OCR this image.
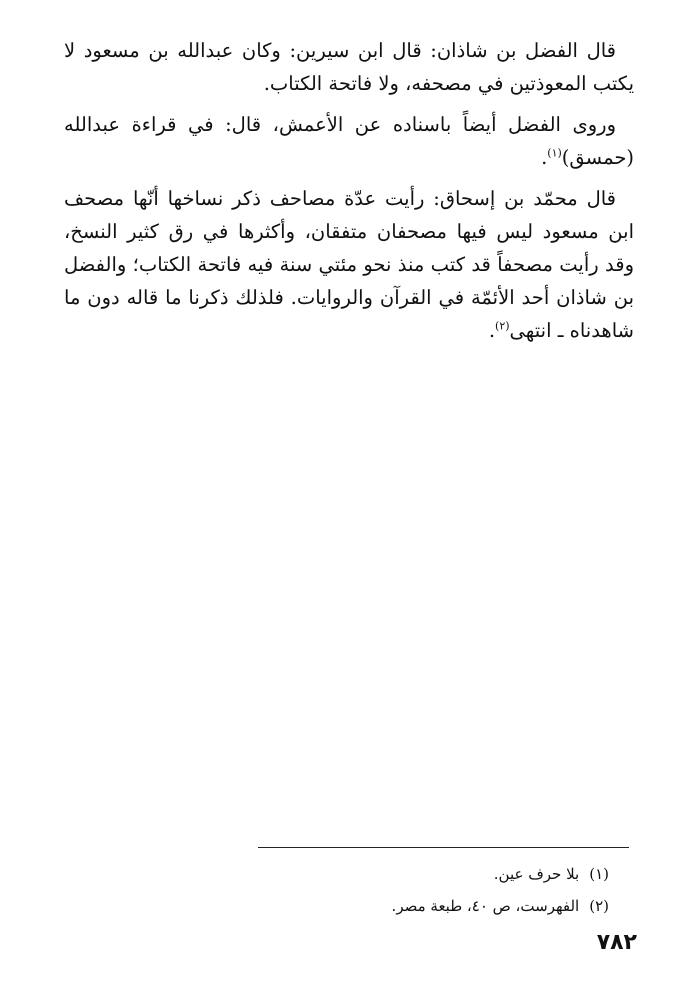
قال الفضل بن شاذان: قال ابن سيرين: وكان عبدالله بن مسعود لا يكتب المعوذتين في مصحفه، ولا فاتحة الكتاب.

وروى الفضل أيضاً باسناده عن الأعمش، قال: في قراءة عبدالله (حمسق)$^{(١)}$.

قال محمّد بن إسحاق: رأيت عدّة مصاحف ذكر نساخها أنّها مصحف ابن مسعود ليس فيها مصحفان متفقان، وأكثرها في رق كثير النسخ، وقد رأيت مصحفاً قد كتب منذ نحو مئتي سنة فيه فاتحة الكتاب؛ والفضل بن شاذان أحد الأئمّة في القرآن والروايات. فلذلك ذكرنا ما قاله دون ما شاهدناه ـ انتهى$^{(٢)}$.

(١)بلا حرف عين.
(٢)الفهرست، ص ٤٠، طبعة مصر.
٧٨٢
